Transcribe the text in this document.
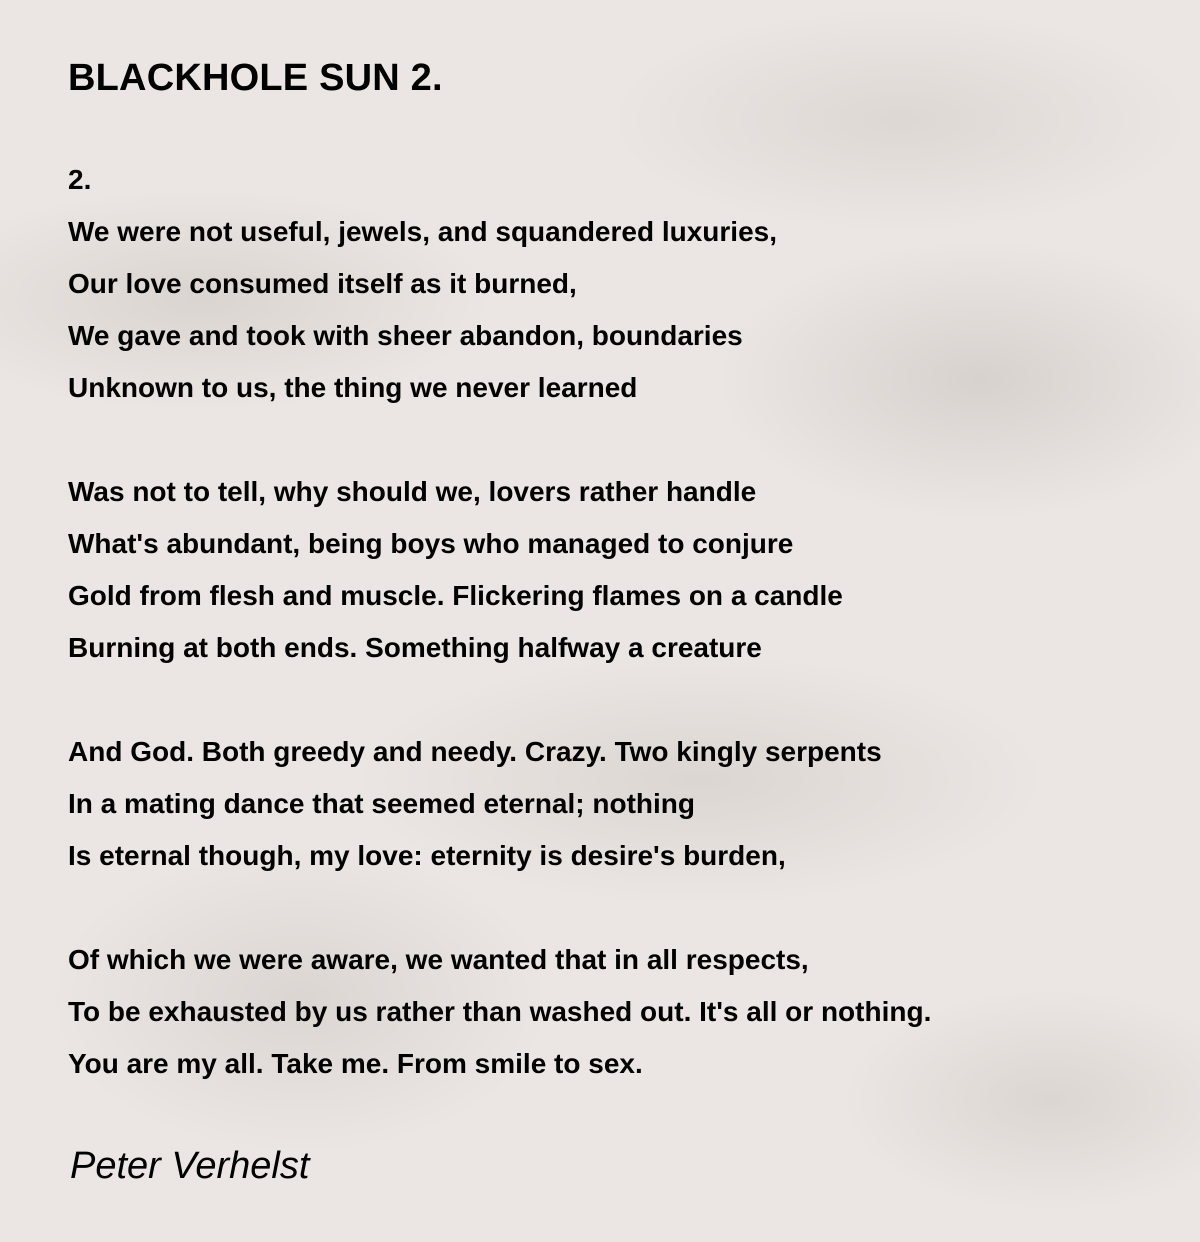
BLACKHOLE SUN 2.
2.
We were not useful, jewels, and squandered luxuries,
Our love consumed itself as it burned,
We gave and took with sheer abandon, boundaries
Unknown to us, the thing we never learned
Was not to tell, why should we, lovers rather handle
What's abundant, being boys who managed to conjure
Gold from flesh and muscle. Flickering flames on a candle
Burning at both ends. Something halfway a creature
And God. Both greedy and needy. Crazy. Two kingly serpents
In a mating dance that seemed eternal; nothing
Is eternal though, my love: eternity is desire's burden,
Of which we were aware, we wanted that in all respects,
To be exhausted by us rather than washed out. It's all or nothing.
You are my all. Take me. From smile to sex.
Peter Verhelst
